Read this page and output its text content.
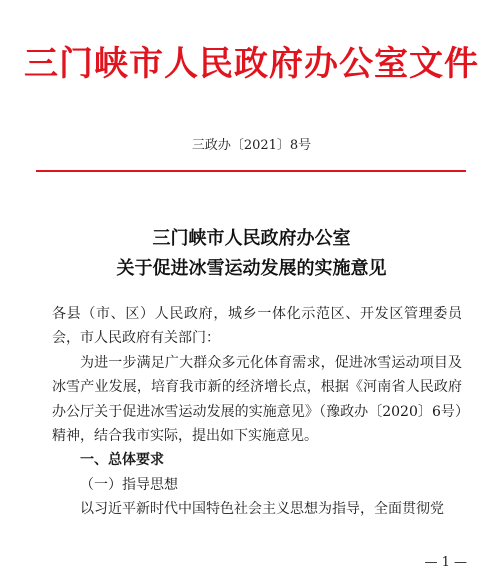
三门峡市人民政府办公室文件
三政办〔2021〕8号
三门峡市人民政府办公室
关于促进冰雪运动发展的实施意见

各县（市、区）人民政府，城乡一体化示范区、开发区管理委员会，市人民政府有关部门：

为进一步满足广大群众多元化体育需求，促进冰雪运动项目及冰雪产业发展，培育我市新的经济增长点，根据《河南省人民政府办公厅关于促进冰雪运动发展的实施意见》（豫政办〔2020〕6号）精神，结合我市实际，提出如下实施意见。

一、总体要求

（一）指导思想

以习近平新时代中国特色社会主义思想为指导，全面贯彻党

— 1 —
